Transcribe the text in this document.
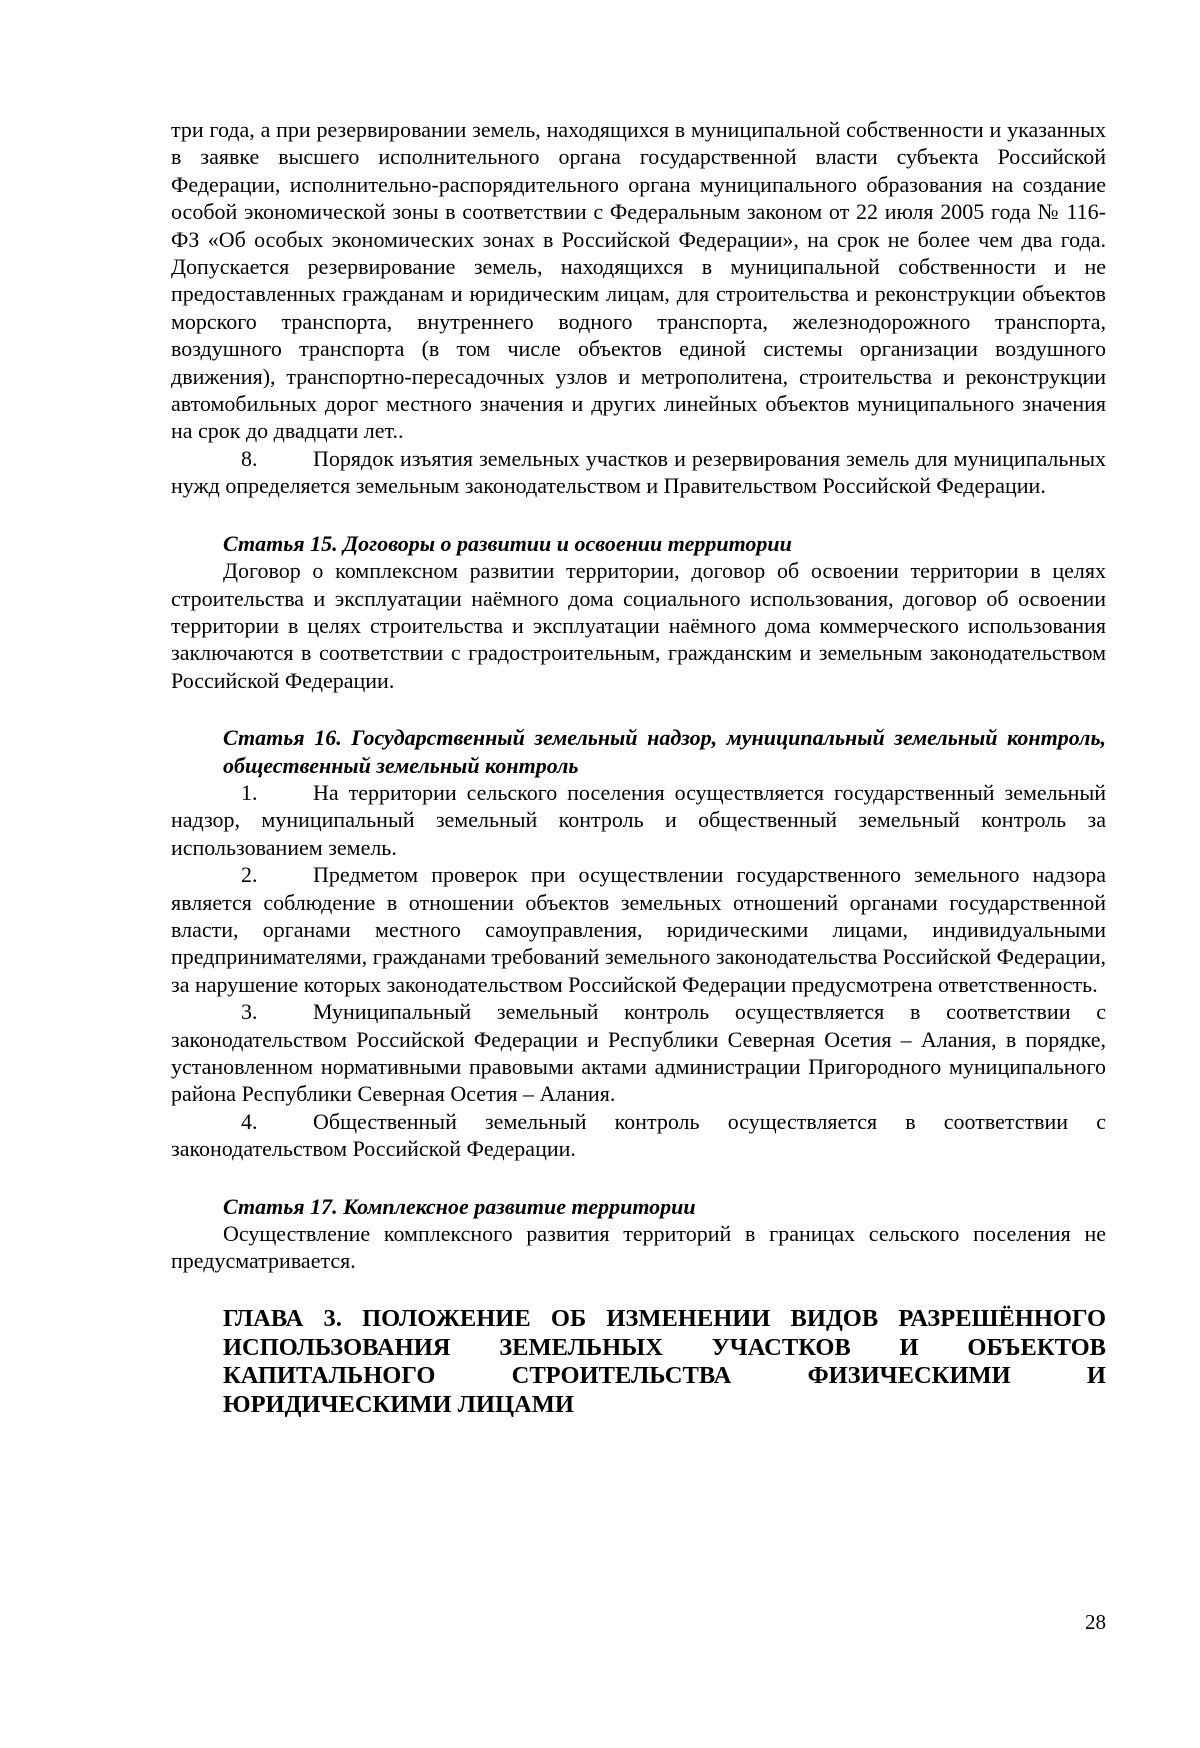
три года, а при резервировании земель, находящихся в муниципальной собственности и указанных в заявке высшего исполнительного органа государственной власти субъекта Российской Федерации, исполнительно-распорядительного органа муниципального образования на создание особой экономической зоны в соответствии с Федеральным законом от 22 июля 2005 года № 116-ФЗ «Об особых экономических зонах в Российской Федерации», на срок не более чем два года. Допускается резервирование земель, находящихся в муниципальной собственности и не предоставленных гражданам и юридическим лицам, для строительства и реконструкции объектов морского транспорта, внутреннего водного транспорта, железнодорожного транспорта, воздушного транспорта (в том числе объектов единой системы организации воздушного движения), транспортно-пересадочных узлов и метрополитена, строительства и реконструкции автомобильных дорог местного значения и других линейных объектов муниципального значения на срок до двадцати лет..

8.	Порядок изъятия земельных участков и резервирования земель для муниципальных нужд определяется земельным законодательством и Правительством Российской Федерации.

Статья 15. Договоры о развитии и освоении территории

Договор о комплексном развитии территории, договор об освоении территории в целях строительства и эксплуатации наёмного дома социального использования, договор об освоении территории в целях строительства и эксплуатации наёмного дома коммерческого использования заключаются в соответствии с градостроительным, гражданским и земельным законодательством Российской Федерации.

Статья 16. Государственный земельный надзор, муниципальный земельный контроль, общественный земельный контроль

1.	На территории сельского поселения осуществляется государственный земельный надзор, муниципальный земельный контроль и общественный земельный контроль за использованием земель.

2.	Предметом проверок при осуществлении государственного земельного надзора является соблюдение в отношении объектов земельных отношений органами государственной власти, органами местного самоуправления, юридическими лицами, индивидуальными предпринимателями, гражданами требований земельного законодательства Российской Федерации, за нарушение которых законодательством Российской Федерации предусмотрена ответственность.

3.	Муниципальный земельный контроль осуществляется в соответствии с законодательством Российской Федерации и Республики Северная Осетия – Алания, в порядке, установленном нормативными правовыми актами администрации Пригородного муниципального района Республики Северная Осетия – Алания.

4.	Общественный земельный контроль осуществляется в соответствии с законодательством Российской Федерации.

Статья 17. Комплексное развитие территории

Осуществление комплексного развития территорий в границах сельского поселения не предусматривается.

ГЛАВА 3. ПОЛОЖЕНИЕ ОБ ИЗМЕНЕНИИ ВИДОВ РАЗРЕШЁННОГО ИСПОЛЬЗОВАНИЯ ЗЕМЕЛЬНЫХ УЧАСТКОВ И ОБЪЕКТОВ КАПИТАЛЬНОГО СТРОИТЕЛЬСТВА ФИЗИЧЕСКИМИ И ЮРИДИЧЕСКИМИ ЛИЦАМИ

28
